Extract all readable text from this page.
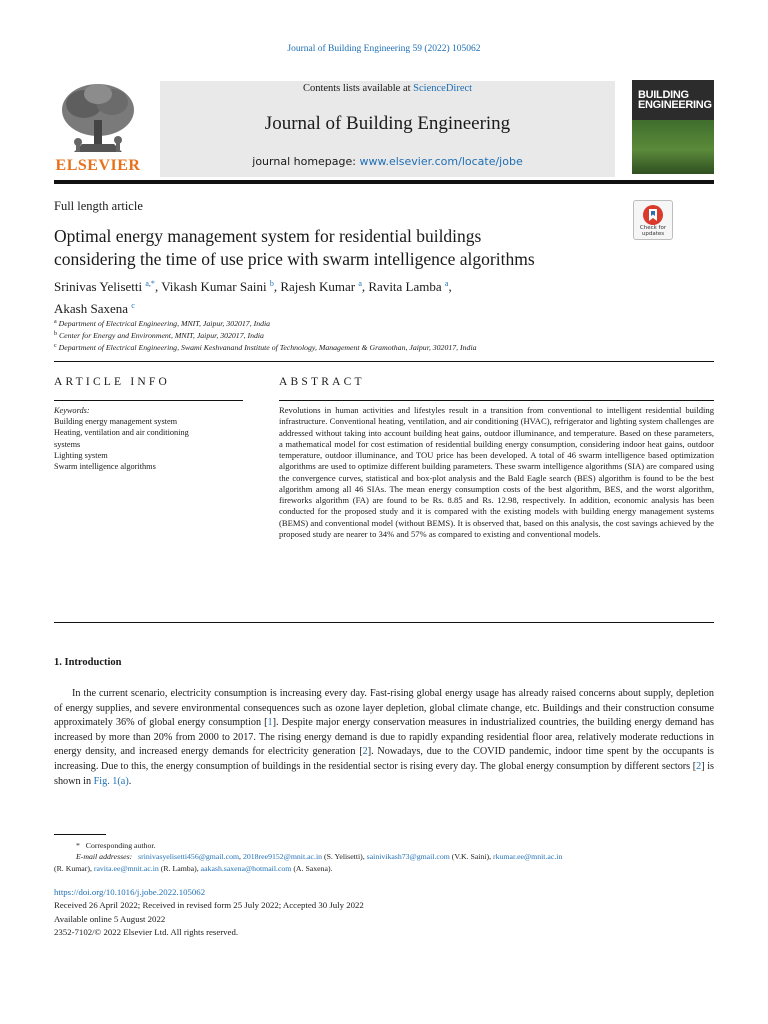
Journal of Building Engineering 59 (2022) 105062
ELSEVIER
Contents lists available at ScienceDirect
Journal of Building Engineering
journal homepage: www.elsevier.com/locate/jobe
BUILDING
ENGINEERING
Full length article
Check for
updates
Optimal energy management system for residential buildings
considering the time of use price with swarm intelligence algorithms
Srinivas Yelisetti $^{a,*}$, Vikash Kumar Saini $^b$, Rajesh Kumar $^a$, Ravita Lamba $^a$,
Akash Saxena $^c$
$^a$ Department of Electrical Engineering, MNIT, Jaipur, 302017, India
$^b$ Center for Energy and Environment, MNIT, Jaipur, 302017, India
$^c$ Department of Electrical Engineering, Swami Keshvanand Institute of Technology, Management & Gramothan, Jaipur, 302017, India
ARTICLE INFO	ABSTRACT
Keywords:
Building energy management system
Heating, ventilation and air conditioning
systems
Lighting system
Swarm intelligence algorithms
Revolutions in human activities and lifestyles result in a transition from conventional to intelligent residential building infrastructure. Conventional heating, ventilation, and air conditioning (HVAC), refrigerator and lighting system challenges are addressed without taking into account building heat gains, outdoor illuminance, and temperature. Based on these parameters, a mathematical model for cost estimation of residential building energy consumption, considering indoor heat gains, outdoor temperature, outdoor illuminance, and TOU price has been developed. A total of 46 swarm intelligence based optimization algorithms are used to optimize different building parameters. These swarm intelligence algorithms (SIA) are compared using the convergence curves, statistical and box-plot analysis and the Bald Eagle search (BES) algorithm is found to be the best algorithm among all 46 SIAs. The mean energy consumption costs of the best algorithm, BES, and the worst algorithm, fireworks algorithm (FA) are found to be Rs. 8.85 and Rs. 12.98, respectively. In addition, economic analysis has been conducted for the proposed study and it is compared with the existing models with building energy management systems (BEMS) and conventional model (without BEMS). It is observed that, based on this analysis, the cost savings achieved by the proposed study are nearer to 34% and 57% as compared to existing and conventional models.
1. Introduction
In the current scenario, electricity consumption is increasing every day. Fast-rising global energy usage has already raised concerns about supply, depletion of energy supplies, and severe environmental consequences such as ozone layer depletion, global climate change, etc. Buildings and their construction consume approximately 36% of global energy consumption [1]. Despite major energy conservation measures in industrialized countries, the building energy demand has increased by more than 20% from 2000 to 2017. The rising energy demand is due to rapidly expanding residential floor area, relatively moderate reductions in energy density, and increased energy demands for electricity generation [2]. Nowadays, due to the COVID pandemic, indoor time spent by the occupants is increasing. Due to this, the energy consumption of buildings in the residential sector is rising every day. The global energy consumption by different sectors [2] is shown in Fig. 1(a).
* Corresponding author.
E-mail addresses: srinivasyelisetti456@gmail.com, 2018ree9152@mnit.ac.in (S. Yelisetti), sainivikash73@gmail.com (V.K. Saini), rkumar.ee@mnit.ac.in
(R. Kumar), ravita.ee@mnit.ac.in (R. Lamba), aakash.saxena@hotmail.com (A. Saxena).
https://doi.org/10.1016/j.jobe.2022.105062
Received 26 April 2022; Received in revised form 25 July 2022; Accepted 30 July 2022
Available online 5 August 2022
2352-7102/© 2022 Elsevier Ltd. All rights reserved.
